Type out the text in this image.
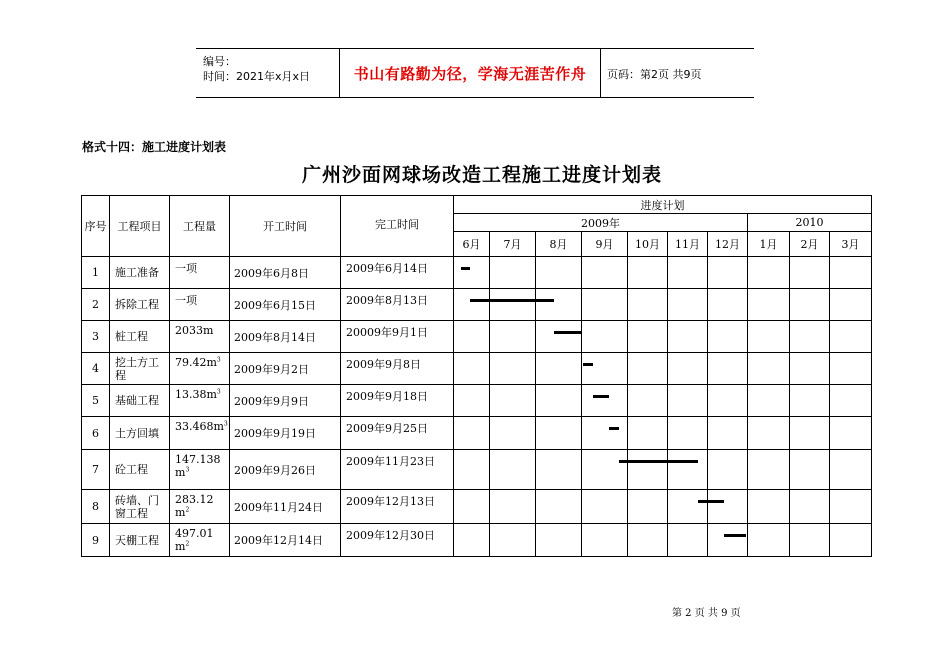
编号：
时间：2021年x月x日	书山有路勤为径，学海无涯苦作舟	页码：第2页 共9页
格式十四：施工进度计划表
广州沙面网球场改造工程施工进度计划表
序号	工程项目	工程量	开工时间	完工时间	进度计划									
					2009年							2010		
					6月	7月	8月	9月	10月	11月	12月	1月	2月	3月
1	施工准备	一项	2009年6月8日	2009年6月14日										
2	拆除工程	一项	2009年6月15日	2009年8月13日										
3	桩工程	2033m	2009年8月14日	20009年9月1日										
4	挖土方工程	$79.42m^3$	2009年9月2日	2009年9月8日										
5	基础工程	$13.38m^3$	2009年9月9日	2009年9月18日										
6	土方回填	$33.468m^3$	2009年9月19日	2009年9月25日										
7	砼工程	147.138 $m^3$	2009年9月26日	2009年11月23日										
8	砖墙、门窗工程	283.12 $m^2$	2009年11月24日	2009年12月13日										
9	天棚工程	497.01 $m^2$	2009年12月14日	2009年12月30日										
第 2 页 共 9 页
